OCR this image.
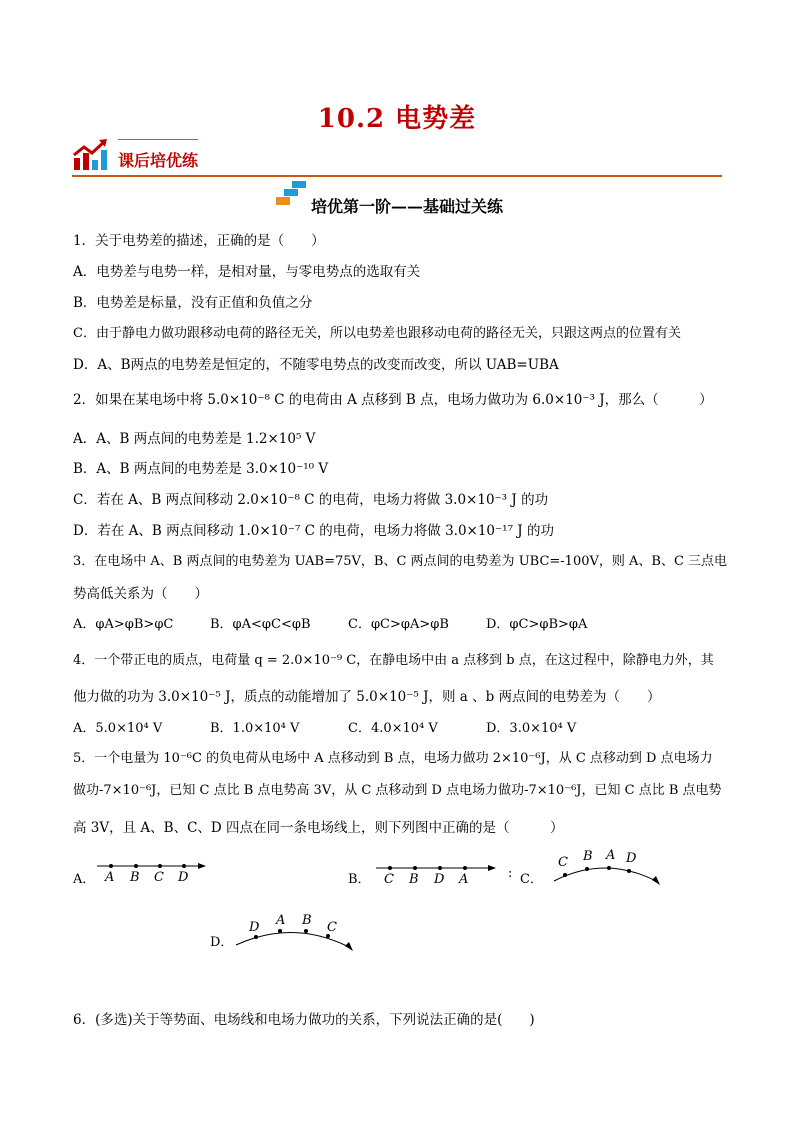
10.2 电势差
课后培优练
培优第一阶——基础过关练
1．关于电势差的描述，正确的是（　　）
A．电势差与电势一样，是相对量，与零电势点的选取有关
B．电势差是标量，没有正值和负值之分
C．由于静电力做功跟移动电荷的路径无关，所以电势差也跟移动电荷的路径无关，只跟这两点的位置有关
D．A、B两点的电势差是恒定的，不随零电势点的改变而改变，所以 UAB=UBA
2．如果在某电场中将 5.0×10⁻⁸ C 的电荷由 A 点移到 B 点，电场力做功为 6.0×10⁻³ J，那么（　　　）
A．A、B 两点间的电势差是 1.2×10⁵ V
B．A、B 两点间的电势差是 3.0×10⁻¹⁰ V
C．若在 A、B 两点间移动 2.0×10⁻⁸ C 的电荷，电场力将做 3.0×10⁻³ J 的功
D．若在 A、B 两点间移动 1.0×10⁻⁷ C 的电荷，电场力将做 3.0×10⁻¹⁷ J 的功
3．在电场中 A、B 两点间的电势差为 UAB=75V，B、C 两点间的电势差为 UBC=-100V，则 A、B、C 三点电
势高低关系为（　　）
A．φA>φB>φC	B．φA<φC<φB	C．φC>φA>φB	D．φC>φB>φA
4．一个带正电的质点，电荷量 q = 2.0×10⁻⁹ C，在静电场中由 a 点移到 b 点，在这过程中，除静电力外，其
他力做的功为 3.0×10⁻⁵ J，质点的动能增加了 5.0×10⁻⁵ J，则 a 、b 两点间的电势差为（　　）
A．5.0×10⁴ V	B．1.0×10⁴ V	C．4.0×10⁴ V	D．3.0×10⁴ V
5．一个电量为 10⁻⁶C 的负电荷从电场中 A 点移动到 B 点，电场力做功 2×10⁻⁶J，从 C 点移动到 D 点电场力
做功-7×10⁻⁶J，已知 C 点比 B 点电势高 3V，从 C 点移动到 D 点电场力做功-7×10⁻⁶J，已知 C 点比 B 点电势
高 3V，且 A、B、C、D 四点在同一条电场线上，则下列图中正确的是（　　　）
A． A B C D	B． C B D A	: C．
C B A D
D．
D A B C
6．(多选)关于等势面、电场线和电场力做功的关系，下列说法正确的是(　　)
